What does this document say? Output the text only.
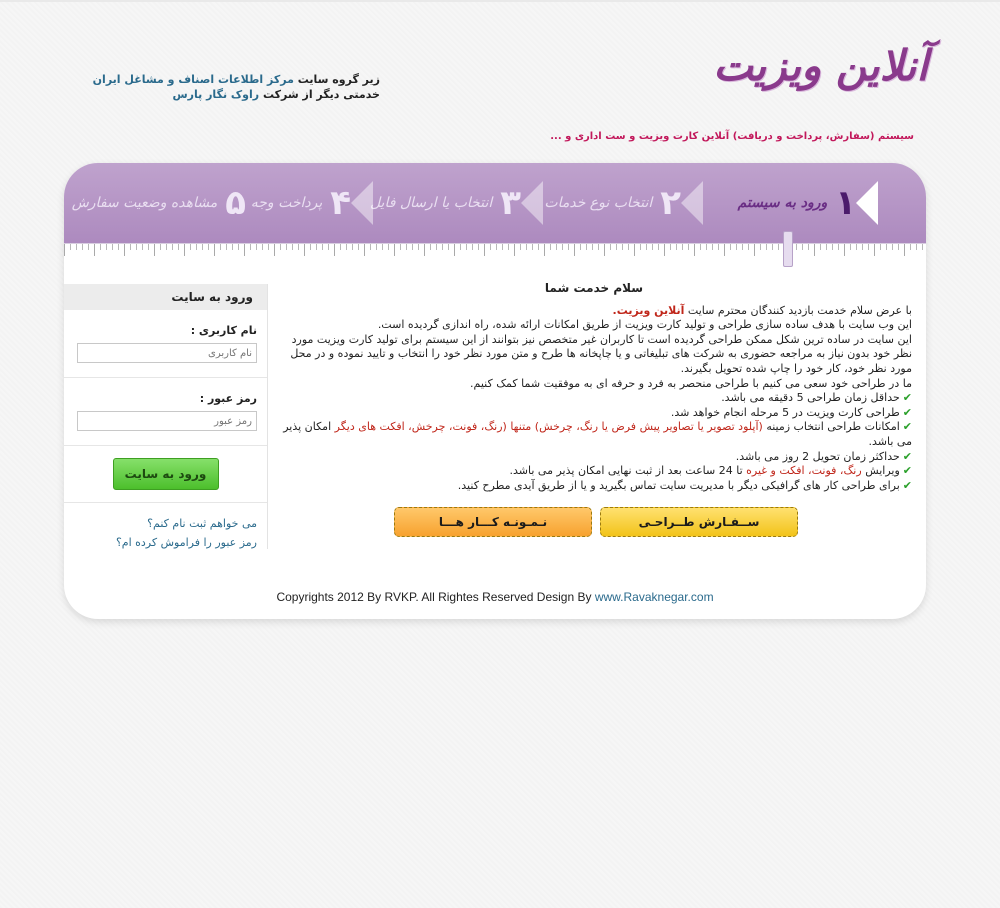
آنلاین ویزیت
سیستم (سفارش، پرداخت و دریافت) آنلاین کارت ویزیت و ست اداری و ...
زیر گروه سایت مرکز اطلاعات اصناف و مشاغل ایران
خدمتی دیگر از شرکت راوک نگار پارس
۱
ورود به سیستم
۲
انتخاب نوع خدمات
۳
انتخاب یا ارسال فایل
۴
پرداخت وجه
۵
مشاهده وضعیت سفارش
ورود به سایت
نام کاربری :
نام کاربری
رمز عبور :
ورود به سایت
می خواهم ثبت نام کنم؟
رمز عبور را فراموش کرده ام؟
سلام خدمت شما
با عرض سلام خدمت بازدید کنندگان محترم سایت آنلاین ویزیت.
این وب سایت با هدف ساده سازی طراحی و تولید کارت ویزیت از طریق امکانات ارائه شده، راه اندازی گردیده است.
این سایت در ساده ترین شکل ممکن طراحی گردیده است تا کاربران غیر متخصص نیز بتوانند از این سیستم برای تولید کارت ویزیت مورد نظر خود بدون نیاز به مراجعه حضوری به شرکت های تبلیغاتی و یا چاپخانه ها طرح و متن مورد نظر خود را انتخاب و تایید نموده و در محل مورد نظر خود، کار خود را چاپ شده تحویل بگیرند.
ما در طراحی خود سعی می کنیم با طراحی منحصر به فرد و حرفه ای به موفقیت شما کمک کنیم.
✔حداقل زمان طراحی 5 دقیقه می باشد.
✔طراحی کارت ویزیت در 5 مرحله انجام خواهد شد.
✔امکانات طراحی انتخاب زمینه (آپلود تصویر یا تصاویر پیش فرض یا رنگ، چرخش) متنها (رنگ، فونت، چرخش، افکت های دیگر امکان پذیر می باشد.
✔حداکثر زمان تحویل 2 روز می باشد.
✔ویرایش رنگ، فونت، افکت و غیره تا 24 ساعت بعد از ثبت نهایی امکان پذیر می باشد.
✔برای طراحی کار های گرافیکی دیگر با مدیریت سایت تماس بگیرید و یا از طریق آیدی مطرح کنید.
نـمـونـه کـــار هـــا	ســفـارش طــراحـی
Copyrights 2012 By RVKP. All Rightes Reserved Design By www.Ravaknegar.com
